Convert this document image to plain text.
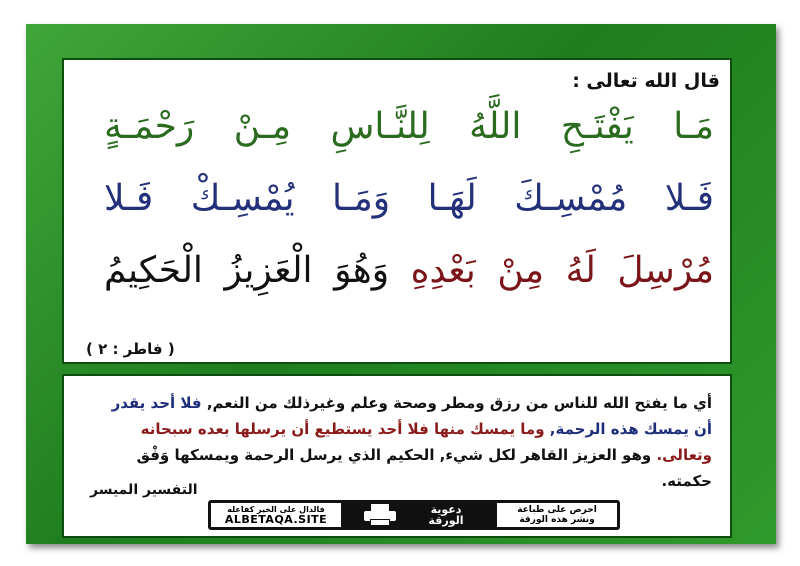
قال الله تعالى :
مَـا يَفْتَـحِ اللَّهُ لِلنَّـاسِ مِـنْ رَحْمَـةٍ
فَـلا مُمْسِـكَ لَهَـا وَمَـا يُمْسِـكْ فَـلا
مُرْسِلَ لَهُ مِنْ بَعْدِهِ وَهُوَ الْعَزِيزُ الْحَكِيمُ
( فاطر : ٢ )
أي ما يفتح الله للناس من رزق ومطر وصحة وعلم وغيرذلك من النعم, فلا أحد يقدر أن يمسك هذه الرحمة, وما يمسك منها فلا أحد يستطيع أن يرسلها بعده سبحانه وتعالى. وهو العزيز القاهر لكل شيء, الحكيم الذي يرسل الرحمة ويمسكها وَفْق حكمته.
التفسير الميسر
فالدال على الخير كفاعله
ALBETAQA.SITE
دعوية
الورقة
احرص على طباعة
ونشر هذه الورقة
